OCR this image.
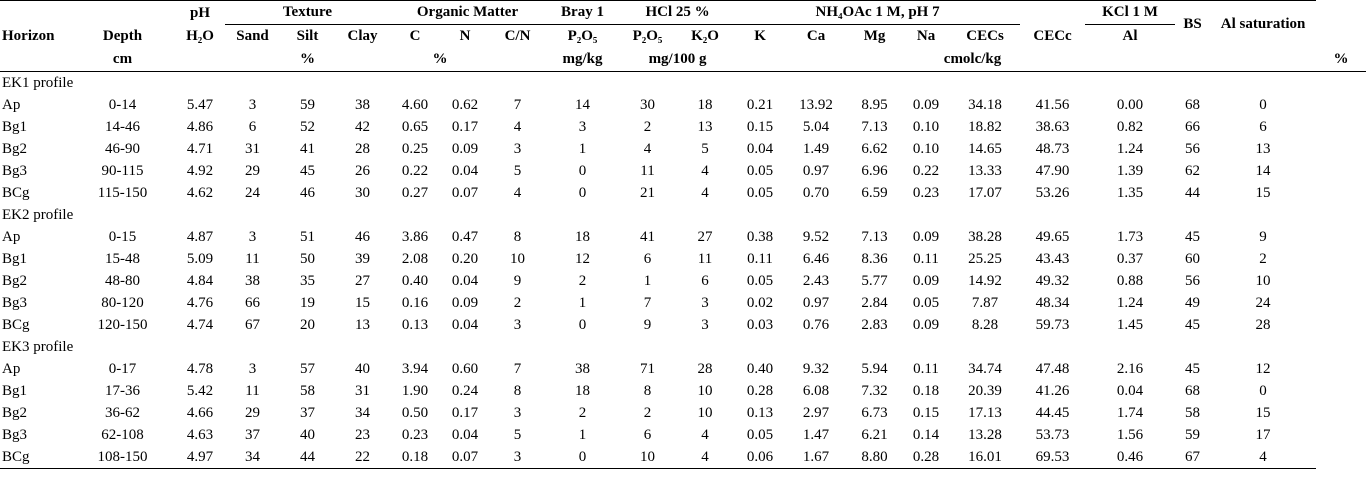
		pH	Texture			Organic Matter			Bray 1	HCl 25 %		NH₄OAc 1 M, pH 7						KCl 1 M	BS	Al saturation	
Horizon	Depth	H₂O	Sand	Silt	Clay	C	N	C/N	P₂O₅	P₂O₅	K₂O	K	Ca	Mg	Na	CECs	CECc	Al			
	cm			%		%			mg/kg	mg/100 g		cmolc/kg									%
EK1 profile																					
Ap	0-14	5.47	3	59	38	4.60	0.62	7	14	30	18	0.21	13.92	8.95	0.09	34.18	41.56	0.00	68	0	
Bg1	14-46	4.86	6	52	42	0.65	0.17	4	3	2	13	0.15	5.04	7.13	0.10	18.82	38.63	0.82	66	6	
Bg2	46-90	4.71	31	41	28	0.25	0.09	3	1	4	5	0.04	1.49	6.62	0.10	14.65	48.73	1.24	56	13	
Bg3	90-115	4.92	29	45	26	0.22	0.04	5	0	11	4	0.05	0.97	6.96	0.22	13.33	47.90	1.39	62	14	
BCg	115-150	4.62	24	46	30	0.27	0.07	4	0	21	4	0.05	0.70	6.59	0.23	17.07	53.26	1.35	44	15	
EK2 profile																					
Ap	0-15	4.87	3	51	46	3.86	0.47	8	18	41	27	0.38	9.52	7.13	0.09	38.28	49.65	1.73	45	9	
Bg1	15-48	5.09	11	50	39	2.08	0.20	10	12	6	11	0.11	6.46	8.36	0.11	25.25	43.43	0.37	60	2	
Bg2	48-80	4.84	38	35	27	0.40	0.04	9	2	1	6	0.05	2.43	5.77	0.09	14.92	49.32	0.88	56	10	
Bg3	80-120	4.76	66	19	15	0.16	0.09	2	1	7	3	0.02	0.97	2.84	0.05	7.87	48.34	1.24	49	24	
BCg	120-150	4.74	67	20	13	0.13	0.04	3	0	9	3	0.03	0.76	2.83	0.09	8.28	59.73	1.45	45	28	
EK3 profile																					
Ap	0-17	4.78	3	57	40	3.94	0.60	7	38	71	28	0.40	9.32	5.94	0.11	34.74	47.48	2.16	45	12	
Bg1	17-36	5.42	11	58	31	1.90	0.24	8	18	8	10	0.28	6.08	7.32	0.18	20.39	41.26	0.04	68	0	
Bg2	36-62	4.66	29	37	34	0.50	0.17	3	2	2	10	0.13	2.97	6.73	0.15	17.13	44.45	1.74	58	15	
Bg3	62-108	4.63	37	40	23	0.23	0.04	5	1	6	4	0.05	1.47	6.21	0.14	13.28	53.73	1.56	59	17	
BCg	108-150	4.97	34	44	22	0.18	0.07	3	0	10	4	0.06	1.67	8.80	0.28	16.01	69.53	0.46	67	4	
